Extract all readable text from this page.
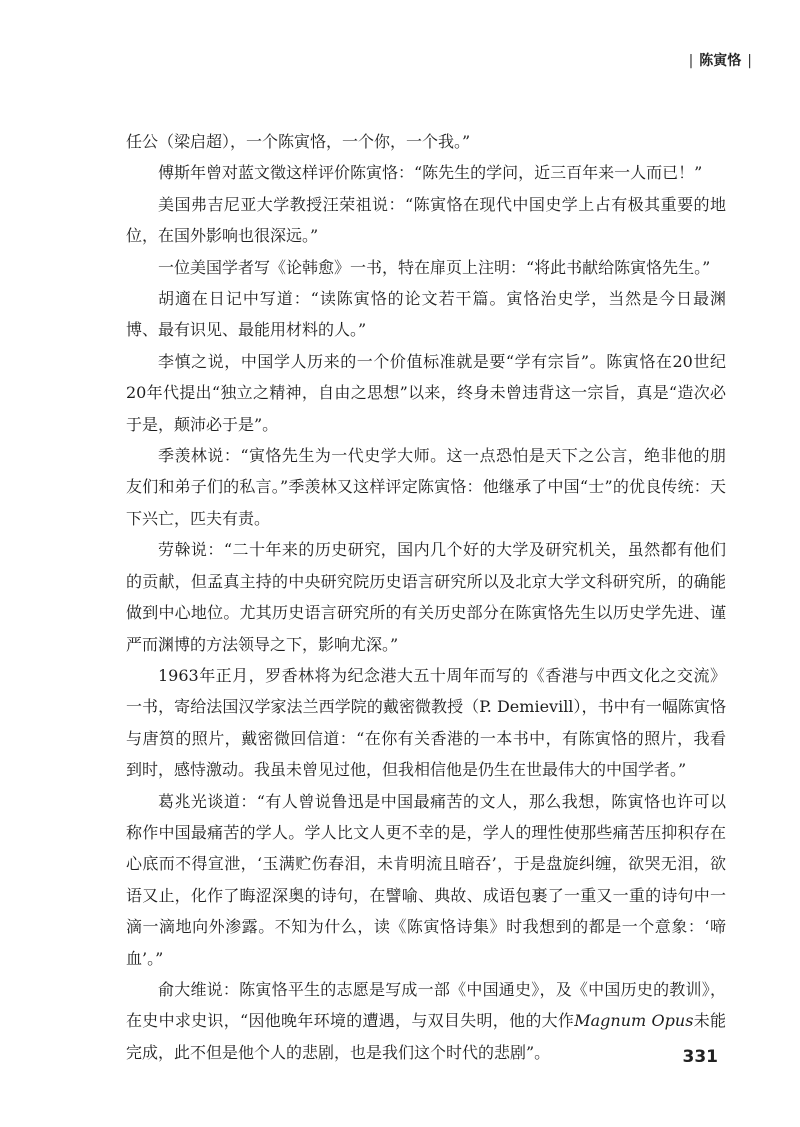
| 陈寅恪 |

任公（梁启超），一个陈寅恪，一个你，一个我。”

傅斯年曾对蓝文徵这样评价陈寅恪：“陈先生的学问，近三百年来一人而已！”

美国弗吉尼亚大学教授汪荣祖说：“陈寅恪在现代中国史学上占有极其重要的地位，在国外影响也很深远。”

一位美国学者写《论韩愈》一书，特在扉页上注明：“将此书献给陈寅恪先生。”

胡適在日记中写道：“读陈寅恪的论文若干篇。寅恪治史学，当然是今日最渊博、最有识见、最能用材料的人。”

李慎之说，中国学人历来的一个价值标准就是要“学有宗旨”。陈寅恪在20世纪20年代提出“独立之精神，自由之思想”以来，终身未曾违背这一宗旨，真是“造次必于是，颠沛必于是”。

季羡林说：“寅恪先生为一代史学大师。这一点恐怕是天下之公言，绝非他的朋友们和弟子们的私言。”季羡林又这样评定陈寅恪：他继承了中国“士”的优良传统：天下兴亡，匹夫有责。

劳榦说：“二十年来的历史研究，国内几个好的大学及研究机关，虽然都有他们的贡献，但孟真主持的中央研究院历史语言研究所以及北京大学文科研究所，的确能做到中心地位。尤其历史语言研究所的有关历史部分在陈寅恪先生以历史学先进、谨严而渊博的方法领导之下，影响尤深。”

1963年正月，罗香林将为纪念港大五十周年而写的《香港与中西文化之交流》一书，寄给法国汉学家法兰西学院的戴密微教授（P. Demievill），书中有一幅陈寅恪与唐筼的照片，戴密微回信道：“在你有关香港的一本书中，有陈寅恪的照片，我看到时，感恃激动。我虽未曾见过他，但我相信他是仍生在世最伟大的中国学者。”

葛兆光谈道：“有人曾说鲁迅是中国最痛苦的文人，那么我想，陈寅恪也许可以称作中国最痛苦的学人。学人比文人更不幸的是，学人的理性使那些痛苦压抑积存在心底而不得宣泄，‘玉满贮伤春泪，未肯明流且暗吞’，于是盘旋纠缠，欲哭无泪，欲语又止，化作了晦涩深奥的诗句，在譬喻、典故、成语包裹了一重又一重的诗句中一滴一滴地向外渗露。不知为什么，读《陈寅恪诗集》时我想到的都是一个意象：‘啼血’。”

俞大维说：陈寅恪平生的志愿是写成一部《中国通史》，及《中国历史的教训》，在史中求史识，“因他晚年环境的遭遇，与双目失明，他的大作Magnum Opus未能完成，此不但是他个人的悲剧，也是我们这个时代的悲剧”。	331
